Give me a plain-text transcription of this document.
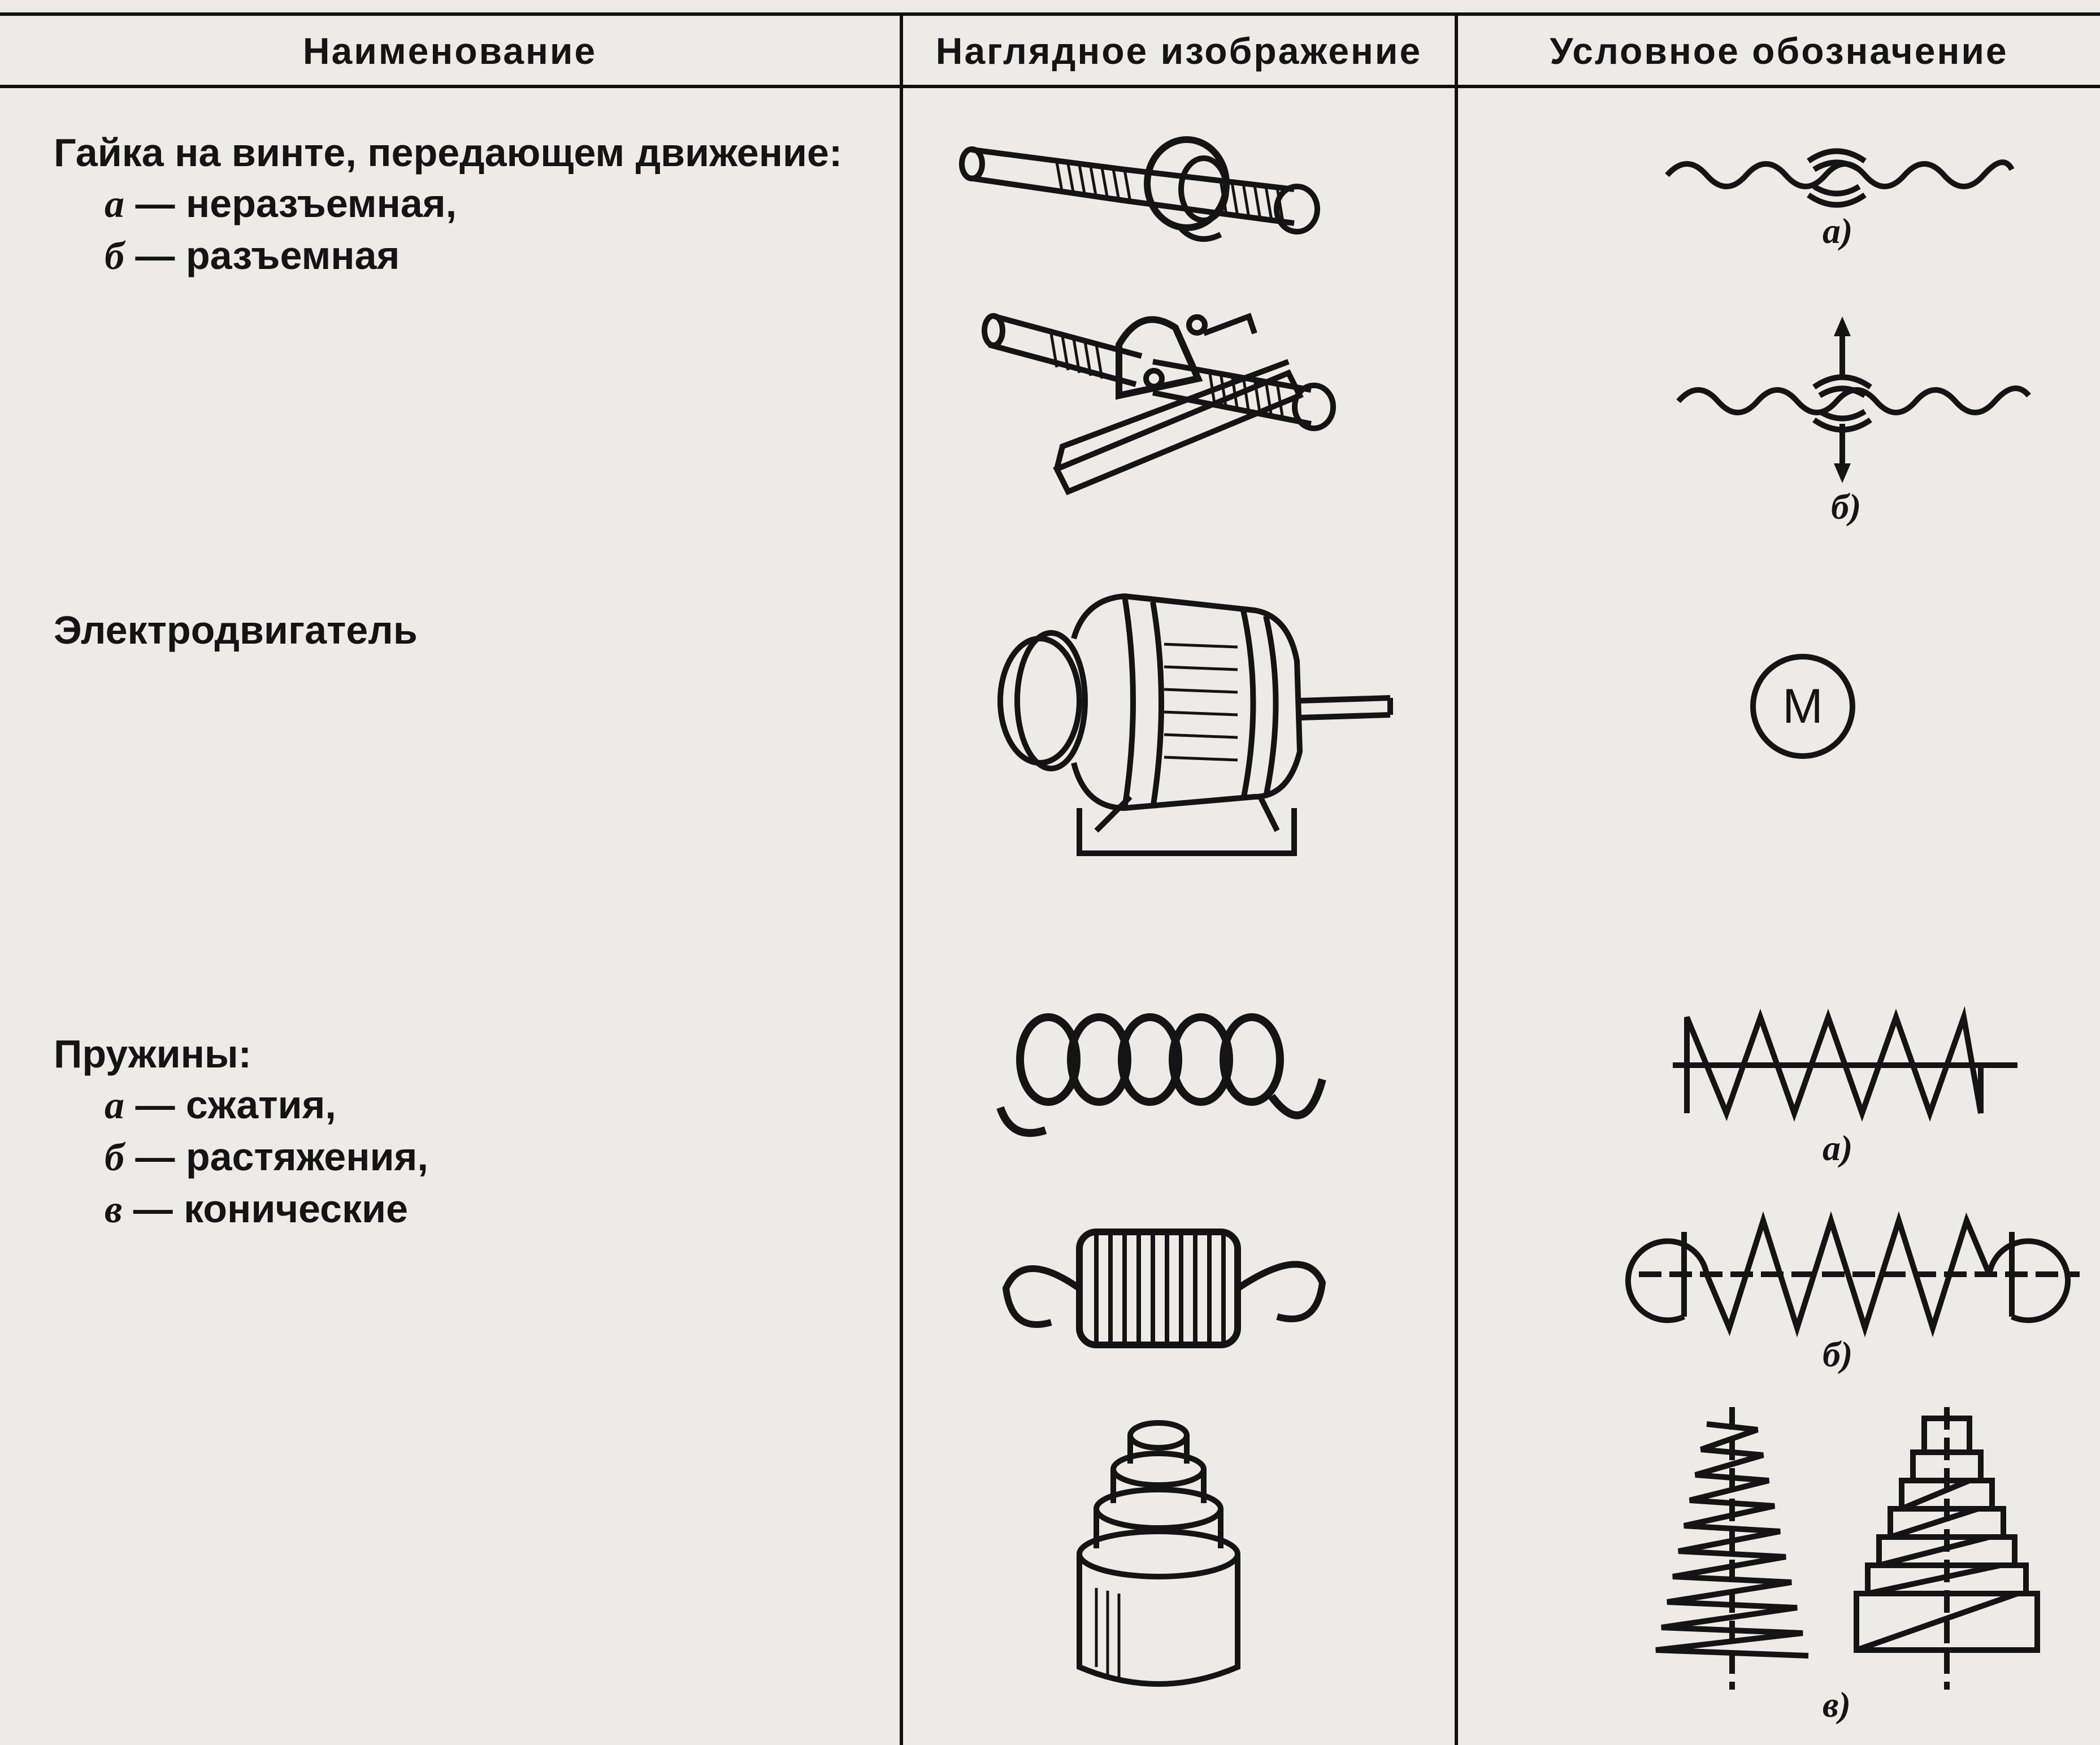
Наименование	Наглядное изображение	Условное обозначение
Гайка на винте, передающем движение:
а — неразъемная,
б — разъемная
а)
б)
Электродвигатель
М
Пружины:
а — сжатия,
б — растяжения,
в — конические
а)
б)
в)
